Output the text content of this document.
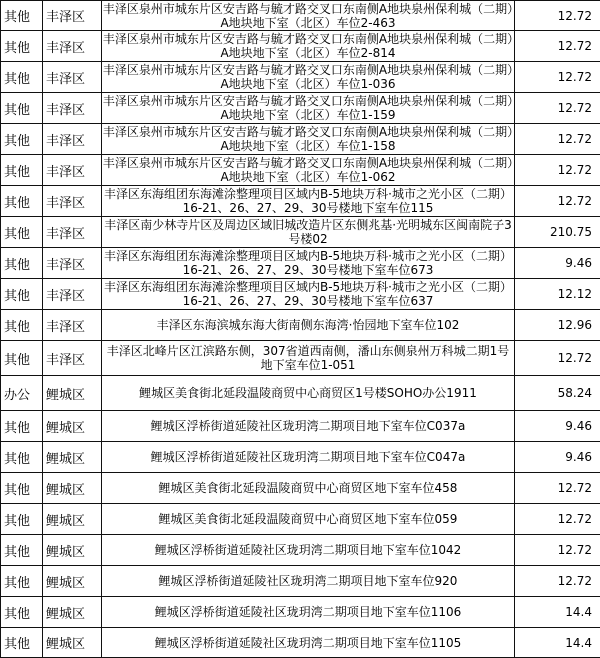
其他	丰泽区	丰泽区泉州市城东片区安吉路与毓才路交叉口东南侧A地块泉州保利城（二期）A地块地下室（北区）车位2-463	12.72
其他	丰泽区	丰泽区泉州市城东片区安吉路与毓才路交叉口东南侧A地块泉州保利城（二期）A地块地下室（北区）车位2-814	12.72
其他	丰泽区	丰泽区泉州市城东片区安吉路与毓才路交叉口东南侧A地块泉州保利城（二期）A地块地下室（北区）车位1-036	12.72
其他	丰泽区	丰泽区泉州市城东片区安吉路与毓才路交叉口东南侧A地块泉州保利城（二期）A地块地下室（北区）车位1-159	12.72
其他	丰泽区	丰泽区泉州市城东片区安吉路与毓才路交叉口东南侧A地块泉州保利城（二期）A地块地下室（北区）车位1-158	12.72
其他	丰泽区	丰泽区泉州市城东片区安吉路与毓才路交叉口东南侧A地块泉州保利城（二期）A地块地下室（北区）车位1-062	12.72
其他	丰泽区	丰泽区东海组团东海滩涂整理项目区域内B-5地块万科·城市之光小区（二期）16-21、26、27、29、30号楼地下室车位115	12.72
其他	丰泽区	丰泽区南少林寺片区及周边区域旧城改造片区东侧兆基·光明城东区闽南院子3号楼02	210.75
其他	丰泽区	丰泽区东海组团东海滩涂整理项目区域内B-5地块万科·城市之光小区（二期）16-21、26、27、29、30号楼地下室车位673	9.46
其他	丰泽区	丰泽区东海组团东海滩涂整理项目区域内B-5地块万科·城市之光小区（二期）16-21、26、27、29、30号楼地下室车位637	12.12
其他	丰泽区	丰泽区东海滨城东海大街南侧东海湾·怡园地下室车位102	12.96
其他	丰泽区	丰泽区北峰片区江滨路东侧，307省道西南侧，潘山东侧泉州万科城二期1号地下室车位1-051	12.72
办公	鲤城区	鲤城区美食街北延段温陵商贸中心商贸区1号楼SOHO办公1911	58.24
其他	鲤城区	鲤城区浮桥街道延陵社区珑玥湾二期项目地下室车位C037a	9.46
其他	鲤城区	鲤城区浮桥街道延陵社区珑玥湾二期项目地下室车位C047a	9.46
其他	鲤城区	鲤城区美食街北延段温陵商贸中心商贸区地下室车位458	12.72
其他	鲤城区	鲤城区美食街北延段温陵商贸中心商贸区地下室车位059	12.72
其他	鲤城区	鲤城区浮桥街道延陵社区珑玥湾二期项目地下室车位1042	12.72
其他	鲤城区	鲤城区浮桥街道延陵社区珑玥湾二期项目地下室车位920	12.72
其他	鲤城区	鲤城区浮桥街道延陵社区珑玥湾二期项目地下室车位1106	14.4
其他	鲤城区	鲤城区浮桥街道延陵社区珑玥湾二期项目地下室车位1105	14.4
